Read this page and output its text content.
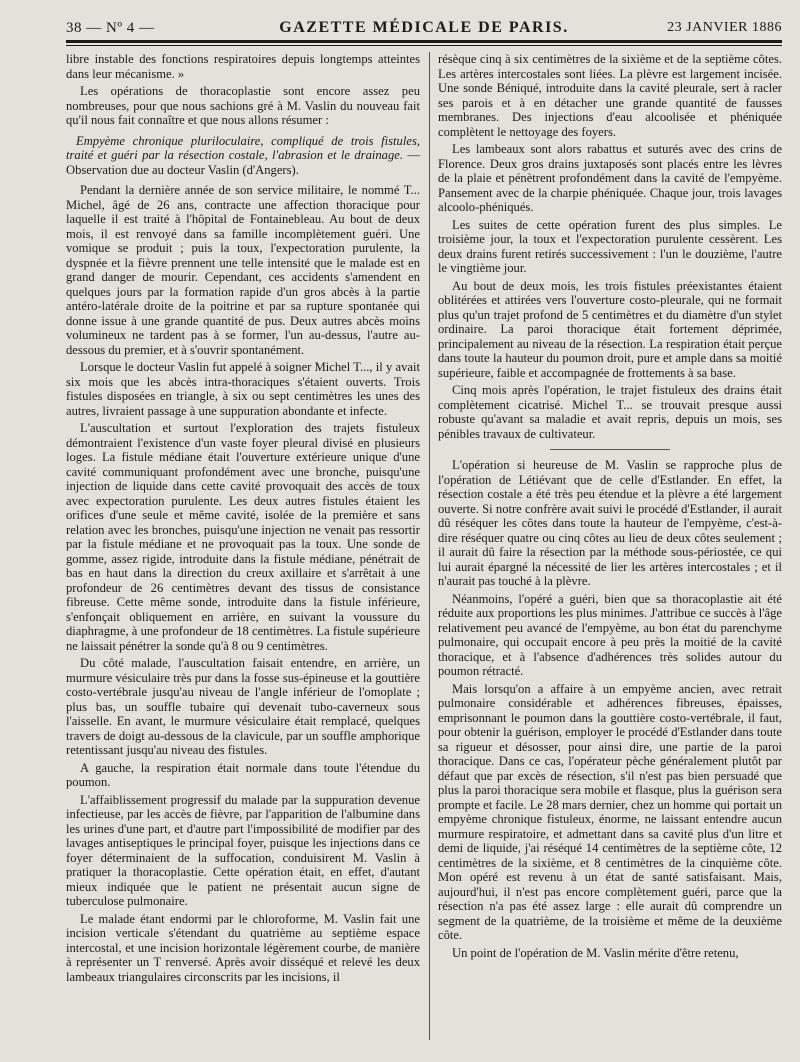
38 — Nº 4 —	GAZETTE MÉDICALE DE PARIS.	23 JANVIER 1886

libre instable des fonctions respiratoires depuis longtemps atteintes dans leur mécanisme. »

Les opérations de thoracoplastie sont encore assez peu nombreuses, pour que nous sachions gré à M. Vaslin du nouveau fait qu'il nous fait connaître et que nous allons résumer :

Empyème chronique pluriloculaire, compliqué de trois fistules, traité et guéri par la résection costale, l'abrasion et le drainage. — Observation due au docteur Vaslin (d'Angers).

Pendant la dernière année de son service militaire, le nommé T... Michel, âgé de 26 ans, contracte une affection thoracique pour laquelle il est traité à l'hôpital de Fontainebleau. Au bout de deux mois, il est renvoyé dans sa famille incomplètement guéri. Une vomique se produit ; puis la toux, l'expectoration purulente, la dyspnée et la fièvre prennent une telle intensité que le malade est en grand danger de mourir. Cependant, ces accidents s'amendent en quelques jours par la formation rapide d'un gros abcès à la partie antéro-latérale droite de la poitrine et par sa rupture spontanée qui donne issue à une grande quantité de pus. Deux autres abcès moins volumineux ne tardent pas à se former, l'un au-dessus, l'autre au-dessous du premier, et à s'ouvrir spontanément.

Lorsque le docteur Vaslin fut appelé à soigner Michel T..., il y avait six mois que les abcès intra-thoraciques s'étaient ouverts. Trois fistules disposées en triangle, à six ou sept centimètres les unes des autres, livraient passage à une suppuration abondante et infecte.

L'auscultation et surtout l'exploration des trajets fistuleux démontraient l'existence d'un vaste foyer pleural divisé en plusieurs loges. La fistule médiane était l'ouverture extérieure unique d'une cavité communiquant profondément avec une bronche, puisqu'une injection de liquide dans cette cavité provoquait des accès de toux avec expectoration purulente. Les deux autres fistules étaient les orifices d'une seule et même cavité, isolée de la première et sans relation avec les bronches, puisqu'une injection ne venait pas ressortir par la fistule médiane et ne provoquait pas la toux. Une sonde de gomme, assez rigide, introduite dans la fistule médiane, pénétrait de bas en haut dans la direction du creux axillaire et s'arrêtait à une profondeur de 26 centimètres devant des tissus de consistance fibreuse. Cette même sonde, introduite dans la fistule inférieure, s'enfonçait obliquement en arrière, en suivant la voussure du diaphragme, à une profondeur de 18 centimètres. La fistule supérieure ne laissait pénétrer la sonde qu'à 8 ou 9 centimètres.

Du côté malade, l'auscultation faisait entendre, en arrière, un murmure vésiculaire très pur dans la fosse sus-épineuse et la gouttière costo-vertébrale jusqu'au niveau de l'angle inférieur de l'omoplate ; plus bas, un souffle tubaire qui devenait tubo-caverneux sous l'aisselle. En avant, le murmure vésiculaire était remplacé, quelques travers de doigt au-dessous de la clavicule, par un souffle amphorique retentissant jusqu'au niveau des fistules.

A gauche, la respiration était normale dans toute l'étendue du poumon.

L'affaiblissement progressif du malade par la suppuration devenue infectieuse, par les accès de fièvre, par l'apparition de l'albumine dans les urines d'une part, et d'autre part l'impossibilité de modifier par des lavages antiseptiques le principal foyer, puisque les injections dans ce foyer déterminaient de la suffocation, conduisirent M. Vaslin à pratiquer la thoracoplastie. Cette opération était, en effet, d'autant mieux indiquée que le patient ne présentait aucun signe de tuberculose pulmonaire.

Le malade étant endormi par le chloroforme, M. Vaslin fait une incision verticale s'étendant du quatrième au septième espace intercostal, et une incision horizontale légèrement courbe, de manière à représenter un T renversé. Après avoir disséqué et relevé les deux lambeaux triangulaires circonscrits par les incisions, il

résèque cinq à six centimètres de la sixième et de la septième côtes. Les artères intercostales sont liées. La plèvre est largement incisée. Une sonde Béniqué, introduite dans la cavité pleurale, sert à racler ses parois et à en détacher une grande quantité de fausses membranes. Des injections d'eau alcoolisée et phéniquée complètent le nettoyage des foyers.

Les lambeaux sont alors rabattus et suturés avec des crins de Florence. Deux gros drains juxtaposés sont placés entre les lèvres de la plaie et pénètrent profondément dans la cavité de l'empyème. Pansement avec de la charpie phéniquée. Chaque jour, trois lavages alcoolo-phéniqués.

Les suites de cette opération furent des plus simples. Le troisième jour, la toux et l'expectoration purulente cessèrent. Les deux drains furent retirés successivement : l'un le douzième, l'autre le vingtième jour.

Au bout de deux mois, les trois fistules préexistantes étaient oblitérées et attirées vers l'ouverture costo-pleurale, qui ne formait plus qu'un trajet profond de 5 centimètres et du diamètre d'un stylet ordinaire. La paroi thoracique était fortement déprimée, principalement au niveau de la résection. La respiration était perçue dans toute la hauteur du poumon droit, pure et ample dans sa moitié supérieure, faible et accompagnée de frottements à sa base.

Cinq mois après l'opération, le trajet fistuleux des drains était complètement cicatrisé. Michel T... se trouvait presque aussi robuste qu'avant sa maladie et avait repris, depuis un mois, ses pénibles travaux de cultivateur.

L'opération si heureuse de M. Vaslin se rapproche plus de l'opération de Létiévant que de celle d'Estlander. En effet, la résection costale a été très peu étendue et la plèvre a été largement ouverte. Si notre confrère avait suivi le procédé d'Estlander, il aurait dû réséquer les côtes dans toute la hauteur de l'empyème, c'est-à-dire réséquer quatre ou cinq côtes au lieu de deux côtes seulement ; il aurait dû faire la résection par la méthode sous-périostée, ce qui lui aurait épargné la nécessité de lier les artères intercostales ; et il n'aurait pas touché à la plèvre.

Néanmoins, l'opéré a guéri, bien que sa thoracoplastie ait été réduite aux proportions les plus minimes. J'attribue ce succès à l'âge relativement peu avancé de l'empyème, au bon état du parenchyme pulmonaire, qui occupait encore à peu près la moitié de la cavité thoracique, et à l'absence d'adhérences très solides autour du poumon rétracté.

Mais lorsqu'on a affaire à un empyème ancien, avec retrait pulmonaire considérable et adhérences fibreuses, épaisses, emprisonnant le poumon dans la gouttière costo-vertébrale, il faut, pour obtenir la guérison, employer le procédé d'Estlander dans toute sa rigueur et désosser, pour ainsi dire, une partie de la paroi thoracique. Dans ce cas, l'opérateur pèche généralement plutôt par défaut que par excès de résection, s'il n'est pas bien persuadé que plus la paroi thoracique sera mobile et flasque, plus la guérison sera prompte et facile. Le 28 mars dernier, chez un homme qui portait un empyème chronique fistuleux, énorme, ne laissant entendre aucun murmure respiratoire, et admettant dans sa cavité plus d'un litre et demi de liquide, j'ai réséqué 14 centimètres de la septième côte, 12 centimètres de la sixième, et 8 centimètres de la cinquième côte. Mon opéré est revenu à un état de santé satisfaisant. Mais, aujourd'hui, il n'est pas encore complètement guéri, parce que la résection n'a pas été assez large : elle aurait dû comprendre un segment de la quatrième, de la troisième et même de la deuxième côte.

Un point de l'opération de M. Vaslin mérite d'être retenu,
